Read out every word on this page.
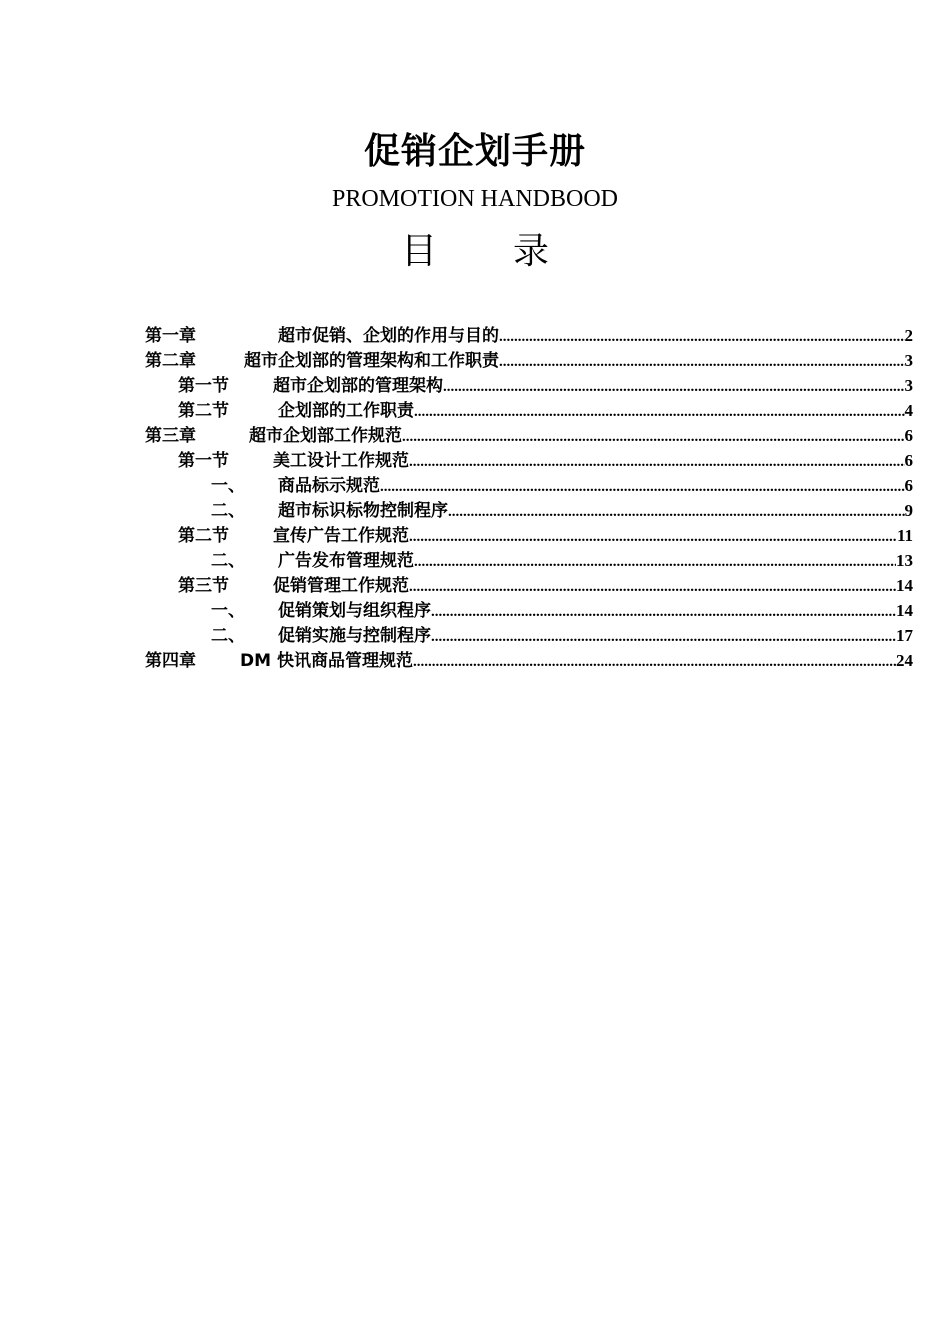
促销企划手册
PROMOTION HANDBOOD
目 录
第一章	超市促销、企划的作用与目的 .....	2
第二章	超市企划部的管理架构和工作职责 .....	3
第一节	超市企划部的管理架构 .....	3
第二节	企划部的工作职责 .....	4
第三章	超市企划部工作规范 .....	6
第一节	美工设计工作规范 .....	6
一、	商品标示规范 .....	6
二、	超市标识标物控制程序 .....	9
第二节	宣传广告工作规范 .....	11
二、	广告发布管理规范 .....	13
第三节	促销管理工作规范 .....	14
一、	促销策划与组织程序 .....	14
二、	促销实施与控制程序 .....	17
第四章	DM 快讯商品管理规范 .....	24
